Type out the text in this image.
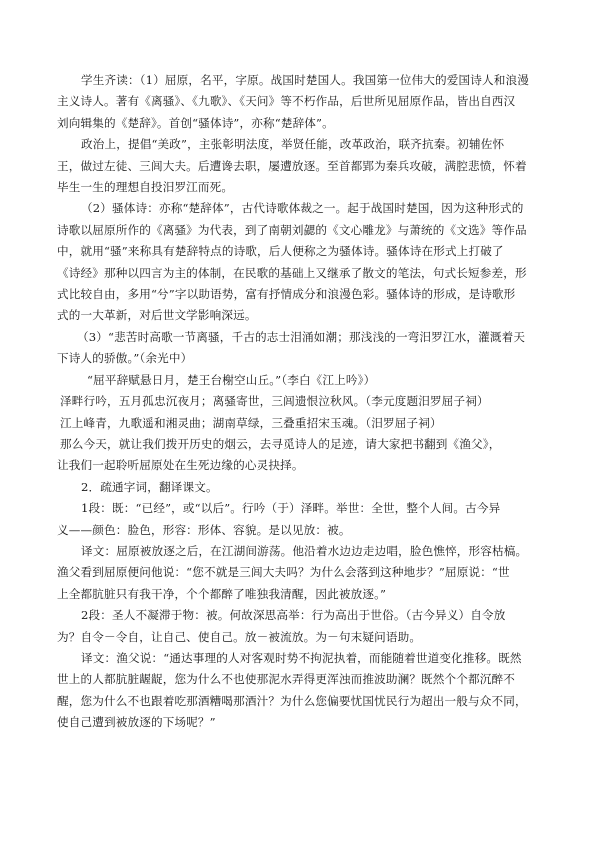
学生齐读：（1）屈原，名平，字原。战国时楚国人。我国第一位伟大的爱国诗人和浪漫
主义诗人。著有《离骚》、《九歌》、《天问》等不朽作品，后世所见屈原作品，皆出自西汉
刘向辑集的《楚辞》。首创“骚体诗”，亦称“楚辞体”。
政治上，提倡“美政”，主张彰明法度，举贤任能，改革政治，联齐抗秦。初辅佐怀
王，做过左徒、三闾大夫。后遭谗去职，屡遭放逐。至首都郢为秦兵攻破，满腔悲愤，怀着
毕生一生的理想自投汨罗江而死。
（2）骚体诗：亦称“楚辞体”，古代诗歌体裁之一。起于战国时楚国，因为这种形式的
诗歌以屈原所作的《离骚》为代表，到了南朝刘勰的《文心雕龙》与萧统的《文选》等作品
中，就用“骚”来称具有楚辞特点的诗歌，后人便称之为骚体诗。骚体诗在形式上打破了
《诗经》那种以四言为主的体制，在民歌的基础上又继承了散文的笔法，句式长短参差，形
式比较自由，多用“兮”字以助语势，富有抒情成分和浪漫色彩。骚体诗的形成，是诗歌形
式的一大革新，对后世文学影响深远。
（3）“悲苦时高歌一节离骚，千古的志士泪涌如潮；那浅浅的一弯汨罗江水，灌溉着天
下诗人的骄傲。”（余光中）
“屈平辞赋悬日月，楚王台榭空山丘。”（李白《江上吟》）
泽畔行吟，五月孤忠沉夜月；离骚寄世，三闾遗恨泣秋风。（李元度题汨罗屈子祠）
江上峰青，九歌遥和湘灵曲；湖南草绿，三叠重招宋玉魂。（汨罗屈子祠）
那么今天，就让我们拨开历史的烟云，去寻觅诗人的足迹，请大家把书翻到《渔父》，
让我们一起聆听屈原处在生死边缘的心灵抉择。
2．疏通字词，翻译课文。
1段：既：“已经”，或“以后”。行吟（于）泽畔。举世：全世，整个人间。古今异
义——颜色：脸色，形容：形体、容貌。是以见放：被。
译文：屈原被放逐之后，在江湖间游荡。他沿着水边边走边唱，脸色憔悴，形容枯槁。
渔父看到屈原便问他说：“您不就是三闾大夫吗？为什么会落到这种地步？”屈原说：“世
上全都肮脏只有我干净，个个都醉了唯独我清醒，因此被放逐。”
2段：圣人不凝滞于物：被。何故深思高举：行为高出于世俗。（古今异义）自令放
为？自令－令自，让自己、使自己。放－被流放。为－句末疑问语助。
译文：渔父说：“通达事理的人对客观时势不拘泥执着，而能随着世道变化推移。既然
世上的人都肮脏龌龊，您为什么不也使那泥水弄得更浑浊而推波助澜？既然个个都沉醉不
醒，您为什么不也跟着吃那酒糟喝那酒汁？为什么您偏要忧国忧民行为超出一般与众不同，
使自己遭到被放逐的下场呢？”
